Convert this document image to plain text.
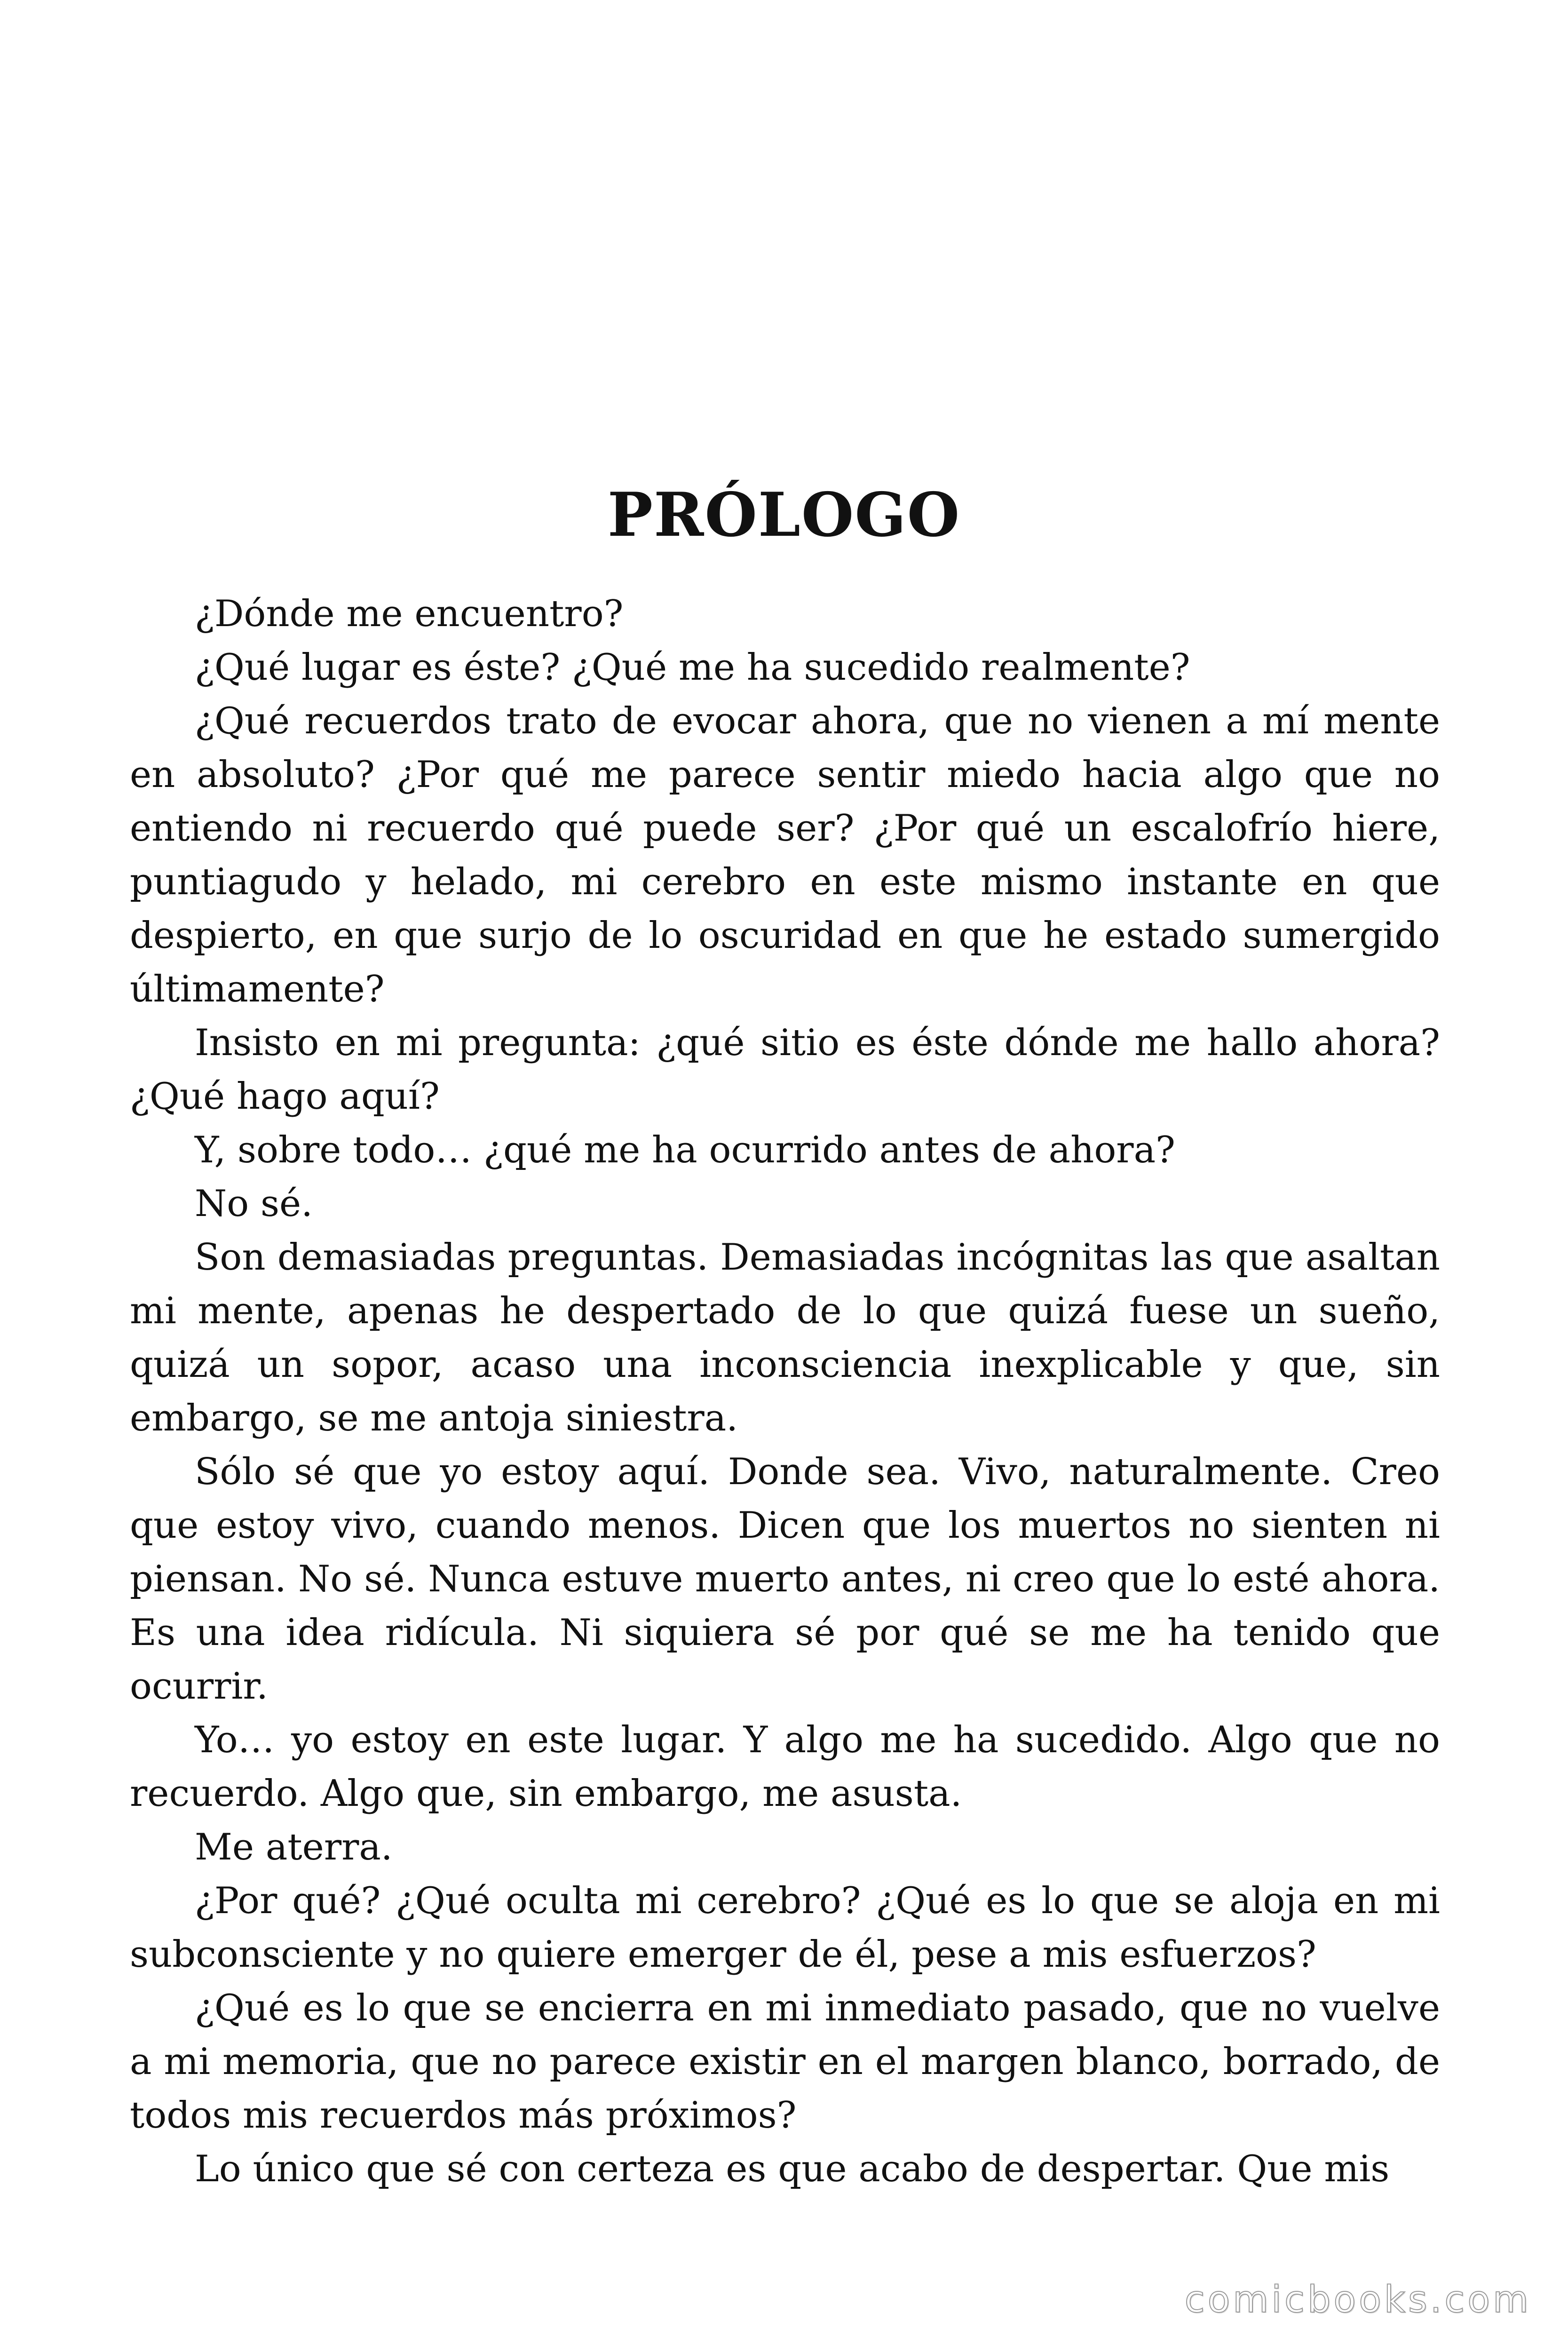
PRÓLOGO

¿Dónde me encuentro?

¿Qué lugar es éste? ¿Qué me ha sucedido realmente?

¿Qué recuerdos trato de evocar ahora, que no vienen a mí mente en absoluto? ¿Por qué me parece sentir miedo hacia algo que no entiendo ni recuerdo qué puede ser? ¿Por qué un escalofrío hiere, puntiagudo y helado, mi cerebro en este mismo instante en que despierto, en que surjo de lo oscuridad en que he estado sumergido últimamente?

Insisto en mi pregunta: ¿qué sitio es éste dónde me hallo ahora? ¿Qué hago aquí?

Y, sobre todo… ¿qué me ha ocurrido antes de ahora?

No sé.

Son demasiadas preguntas. Demasiadas incógnitas las que asaltan mi mente, apenas he despertado de lo que quizá fuese un sueño, quizá un sopor, acaso una inconsciencia inexplicable y que, sin embargo, se me antoja siniestra.

Sólo sé que yo estoy aquí. Donde sea. Vivo, naturalmente. Creo que estoy vivo, cuando menos. Dicen que los muertos no sienten ni piensan. No sé. Nunca estuve muerto antes, ni creo que lo esté ahora. Es una idea ridícula. Ni siquiera sé por qué se me ha tenido que ocurrir.

Yo… yo estoy en este lugar. Y algo me ha sucedido. Algo que no recuerdo. Algo que, sin embargo, me asusta.

Me aterra.

¿Por qué? ¿Qué oculta mi cerebro? ¿Qué es lo que se aloja en mi subconsciente y no quiere emerger de él, pese a mis esfuerzos?

¿Qué es lo que se encierra en mi inmediato pasado, que no vuelve a mi memoria, que no parece existir en el margen blanco, borrado, de todos mis recuerdos más próximos?

Lo único que sé con certeza es que acabo de despertar. Que mis

comicbooks.com
